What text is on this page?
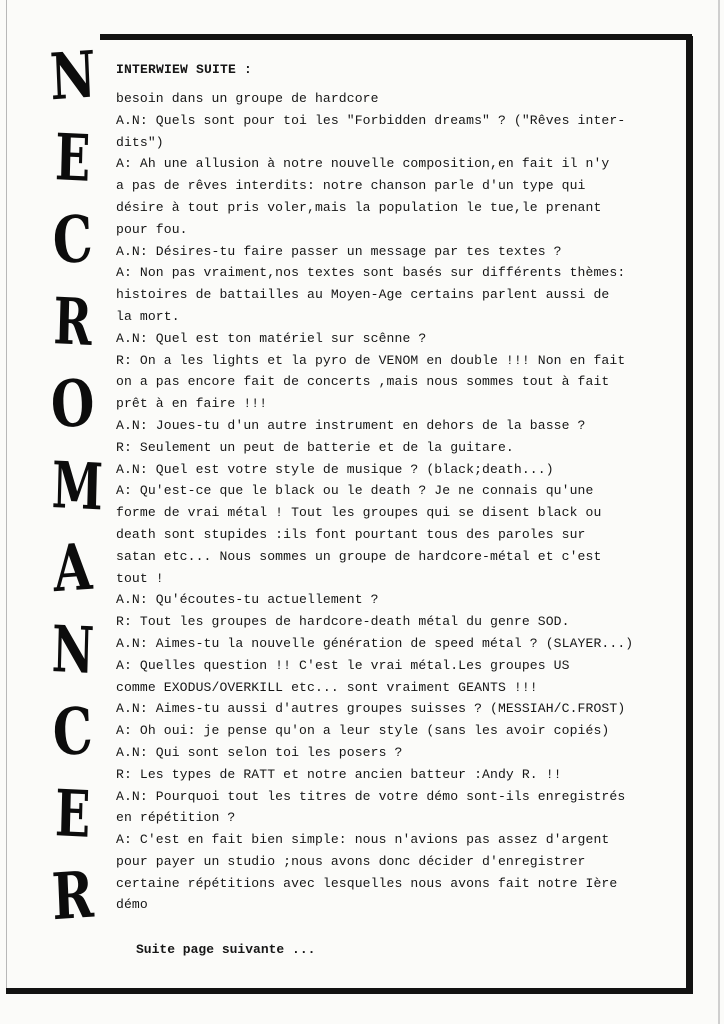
N
E
C
R
O
M
A
N
C
E
R
INTERWIEW SUITE :
besoin dans un groupe de hardcore
A.N: Quels sont pour toi les "Forbidden dreams" ? ("Rêves inter-
dits")
A: Ah une allusion à notre nouvelle composition,en fait il n'y
a pas de rêves interdits: notre chanson parle d'un type qui
désire à tout pris voler,mais la population le tue,le prenant
pour fou.
A.N: Désires-tu faire passer un message par tes textes ?
A: Non pas vraiment,nos textes sont basés sur différents thèmes:
histoires de battailles au Moyen-Age certains parlent aussi de
la mort.
A.N: Quel est ton matériel sur scênne ?
R: On a les lights et la pyro de VENOM en double !!! Non en fait
on a pas encore fait de concerts ,mais nous sommes tout à fait
prêt à en faire !!!
A.N: Joues-tu d'un autre instrument en dehors de la basse ?
R: Seulement un peut de batterie et de la guitare.
A.N: Quel est votre style de musique ? (black;death...)
A: Qu'est-ce que le black ou le death ? Je ne connais qu'une
forme de vrai métal ! Tout les groupes qui se disent black ou
death sont stupides :ils font pourtant tous des paroles sur
satan etc... Nous sommes un groupe de hardcore-métal et c'est
tout !
A.N: Qu'écoutes-tu actuellement ?
R: Tout les groupes de hardcore-death métal du genre SOD.
A.N: Aimes-tu la nouvelle génération de speed métal ? (SLAYER...)
A: Quelles question !! C'est le vrai métal.Les groupes US
comme EXODUS/OVERKILL etc... sont vraiment GEANTS !!!
A.N: Aimes-tu aussi d'autres groupes suisses ? (MESSIAH/C.FROST)
A: Oh oui: je pense qu'on a leur style (sans les avoir copiés)
A.N: Qui sont selon toi les posers ?
R: Les types de RATT et notre ancien batteur :Andy R. !!
A.N: Pourquoi tout les titres de votre démo sont-ils enregistrés
en répétition ?
A: C'est en fait bien simple: nous n'avions pas assez d'argent
pour payer un studio ;nous avons donc décider d'enregistrer
certaine répétitions avec lesquelles nous avons fait notre Ière
démo
Suite page suivante ...
